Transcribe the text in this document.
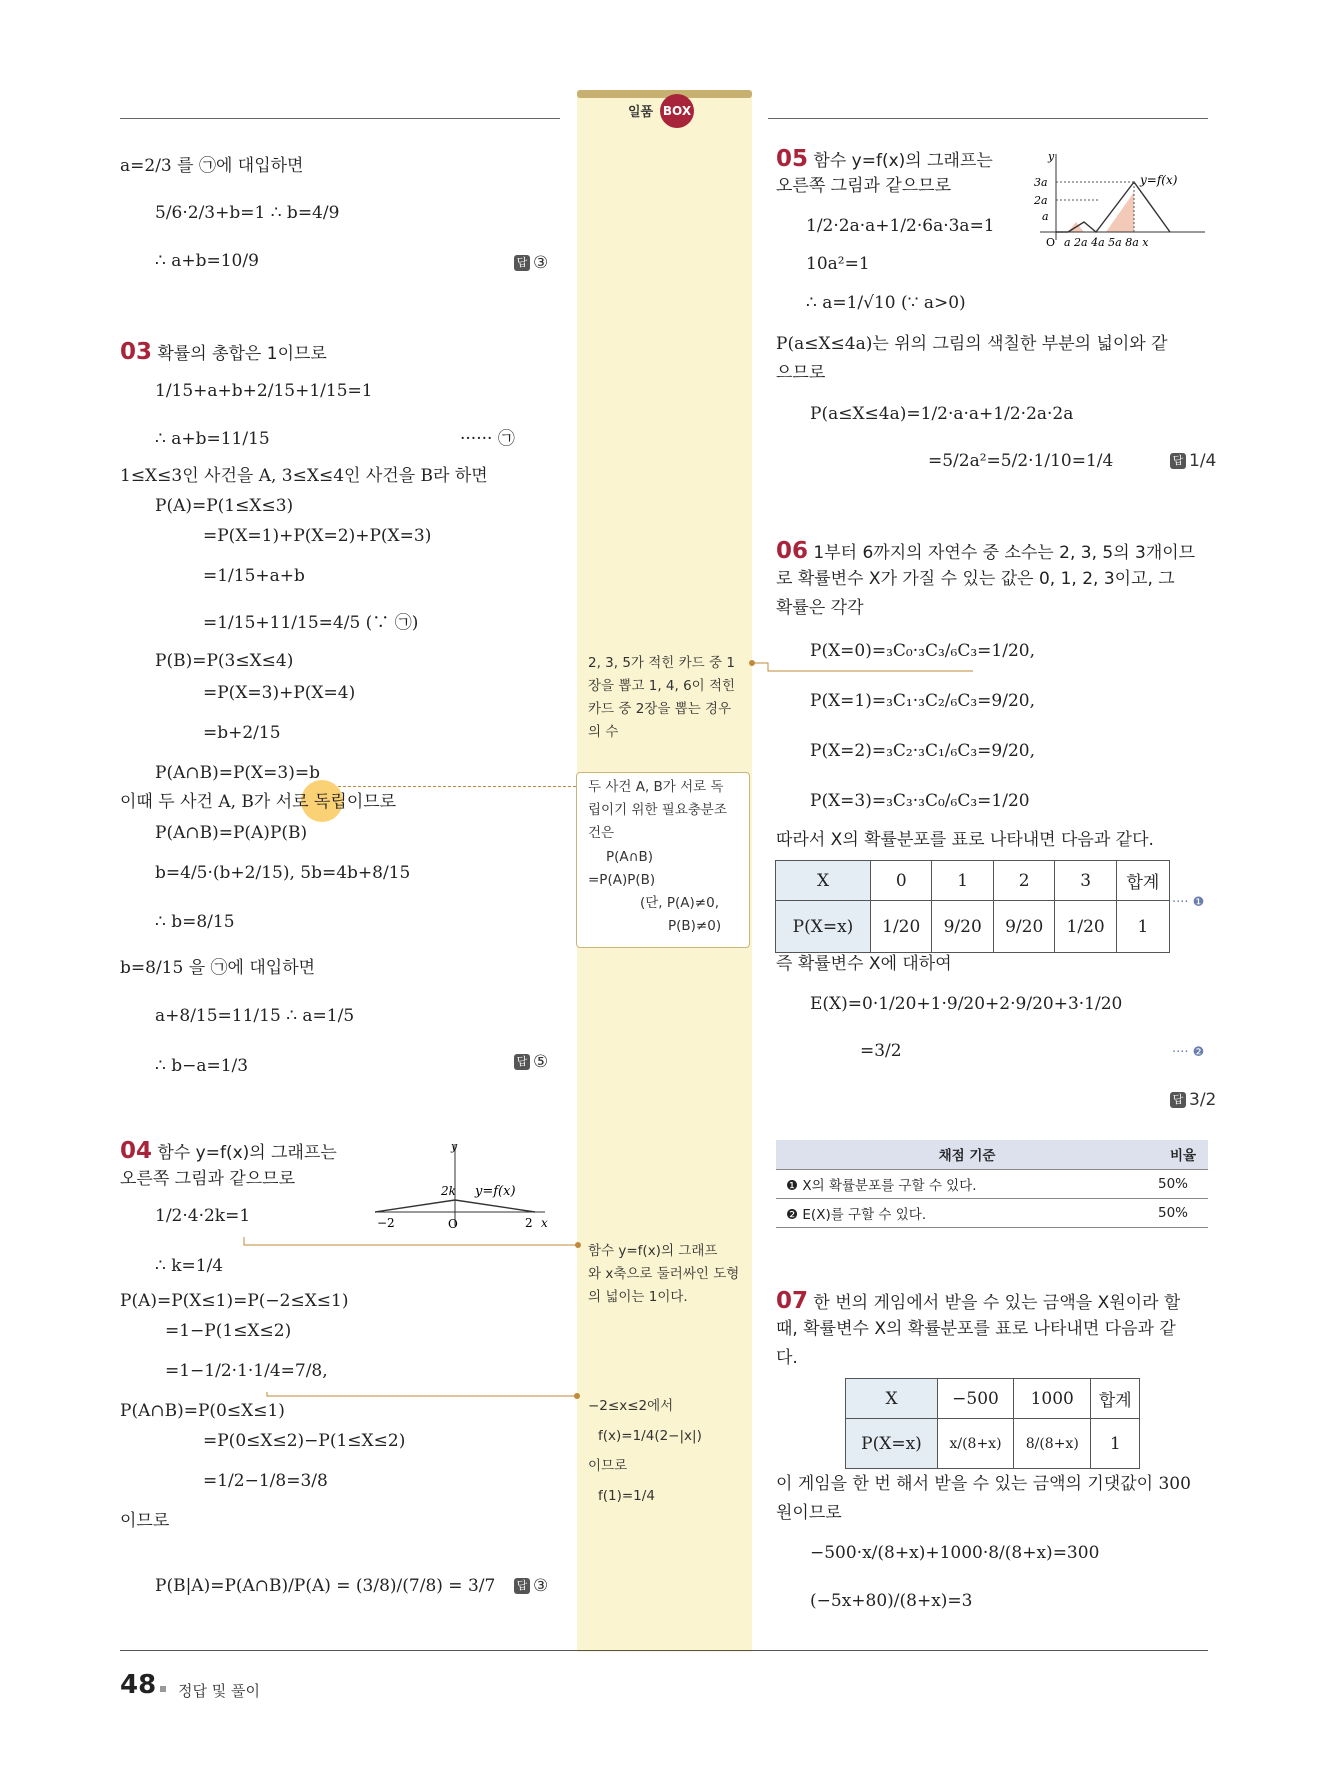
일품 BOX
a=2/3 를 ㉠에 대입하면
5/6·2/3+b=1 ∴ b=4/9
∴ a+b=10/9	답 ③
03 확률의 총합은 1이므로
1/15+a+b+2/15+1/15=1
∴ a+b=11/15	······ ㉠
1≤X≤3인 사건을 A, 3≤X≤4인 사건을 B라 하면
P(A)=P(1≤X≤3)
=P(X=1)+P(X=2)+P(X=3)
=1/15+a+b
=1/15+11/15=4/5 (∵ ㉠)
P(B)=P(3≤X≤4)
=P(X=3)+P(X=4)
=b+2/15
P(A∩B)=P(X=3)=b
이때 두 사건 A, B가 서로 독립이므로
P(A∩B)=P(A)P(B)
b=4/5·(b+2/15), 5b=4b+8/15
∴ b=8/15
b=8/15 을 ㉠에 대입하면
a+8/15=11/15 ∴ a=1/5
∴ b−a=1/3	답 ⑤
04 함수 y=f(x)의 그래프는
오른쪽 그림과 같으므로
y
2k y=f(x)
−2	O	2 x
1/2·4·2k=1
∴ k=1/4
P(A)=P(X≤1)=P(−2≤X≤1)
=1−P(1≤X≤2)
=1−1/2·1·1/4=7/8,
P(A∩B)=P(0≤X≤1)
=P(0≤X≤2)−P(1≤X≤2)
=1/2−1/8=3/8
이므로
P(B|A)=P(A∩B)/P(A) = (3/8)/(7/8) = 3/7 답 ③
2, 3, 5가 적힌 카드 중 1
장을 뽑고 1, 4, 6이 적힌
카드 중 2장을 뽑는 경우
의 수
두 사건 A, B가 서로 독
립이기 위한 필요충분조
건은
P(A∩B)
=P(A)P(B)
(단, P(A)≠0,
P(B)≠0)
함수 y=f(x)의 그래프
와 x축으로 둘러싸인 도형
의 넓이는 1이다.
−2≤x≤2에서
f(x)=1/4(2−|x|)
이므로
f(1)=1/4
05 함수 y=f(x)의 그래프는
오른쪽 그림과 같으므로
y
3a
2a
a
y=f(x)
O a 2a 4a 5a 8a x
1/2·2a·a+1/2·6a·3a=1
10a²=1
∴ a=1/√10 (∵ a>0)
P(a≤X≤4a)는 위의 그림의 색칠한 부분의 넓이와 같
으므로
P(a≤X≤4a)=1/2·a·a+1/2·2a·2a
=5/2a²=5/2·1/10=1/4	답 1/4
06 1부터 6까지의 자연수 중 소수는 2, 3, 5의 3개이므
로 확률변수 X가 가질 수 있는 값은 0, 1, 2, 3이고, 그
확률은 각각
P(X=0)=₃C₀·₃C₃/₆C₃=1/20,
P(X=1)=₃C₁·₃C₂/₆C₃=9/20,
P(X=2)=₃C₂·₃C₁/₆C₃=9/20,
P(X=3)=₃C₃·₃C₀/₆C₃=1/20
따라서 X의 확률분포를 표로 나타내면 다음과 같다.
X	0	1	2	3	합계
P(X=x)	1/20	9/20	9/20	1/20	1
···· ❶
즉 확률변수 X에 대하여
E(X)=0·1/20+1·9/20+2·9/20+3·1/20
=3/2	···· ❷
답 3/2
채점 기준	비율
❶ X의 확률분포를 구할 수 있다.	50%
❷ E(X)를 구할 수 있다.	50%
07 한 번의 게임에서 받을 수 있는 금액을 X원이라 할
때, 확률변수 X의 확률분포를 표로 나타내면 다음과 같
다.
X	−500	1000	합계
P(X=x)	x/(8+x)	8/(8+x)	1
이 게임을 한 번 해서 받을 수 있는 금액의 기댓값이 300
원이므로
−500·x/(8+x)+1000·8/(8+x)=300
(−5x+80)/(8+x)=3
48 정답 및 풀이
